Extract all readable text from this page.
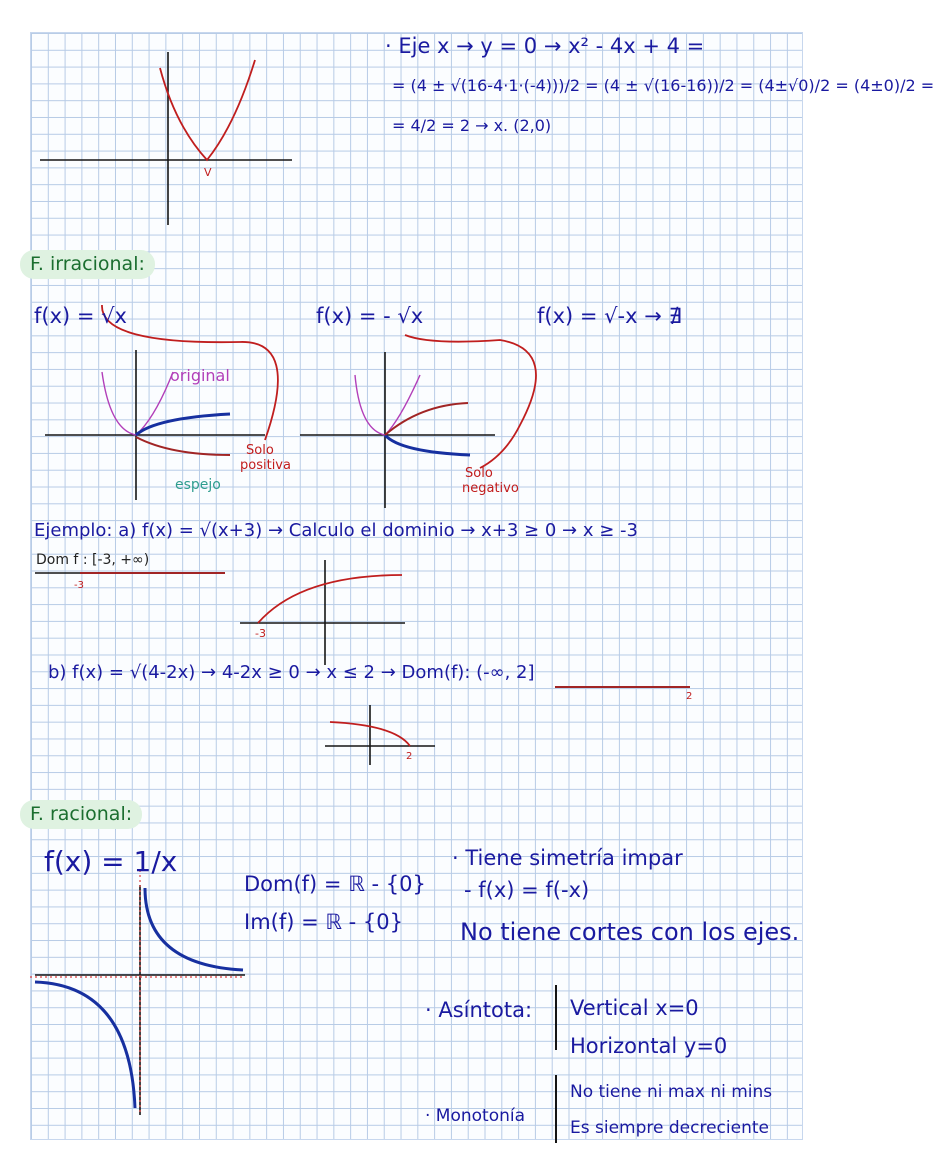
· Eje x → y = 0 → x² - 4x + 4 =
= (4 ± √(16-4·1·(-4)))/2 = (4 ± √(16-16))/2 = (4±√0)/2 = (4±0)/2 =
= 4/2 = 2 → x. (2,0)
V
F. irracional:
f(x) = √x	f(x) = - √x	f(x) = √-x → ∄
original
espejo
Solo
positiva
Solo
negativo
Ejemplo: a) f(x) = √(x+3) → Calculo el dominio → x+3 ≥ 0 → x ≥ -3
Dom f : [-3, +∞)
-3
-3
b) f(x) = √(4-2x) → 4-2x ≥ 0 → x ≤ 2 → Dom(f): (-∞, 2]
2
2
F. racional:
f(x) = 1/x
Dom(f) = ℝ - {0}
Im(f) = ℝ - {0}
· Tiene simetría impar
- f(x) = f(-x)
No tiene cortes con los ejes.
· Asíntota: Vertical x=0
Horizontal y=0
· Monotonía
No tiene ni max ni mins
Es siempre decreciente
